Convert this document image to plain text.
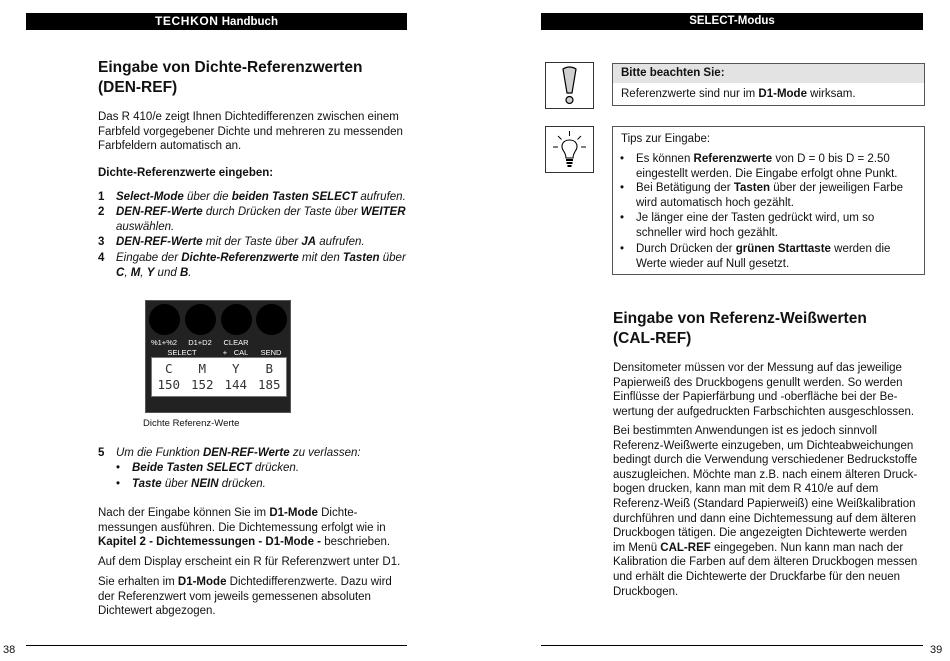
TECHKON Handbuch
Eingabe von Dichte-Referenzwerten
(DEN-REF)
Das R 410/e zeigt Ihnen Dichtedifferenzen zwischen einem
Farbfeld vorgegebener Dichte und mehreren zu messenden
Farbfeldern automatisch an.
Dichte-Referenzwerte eingeben:
1 Select-Mode über die beiden Tasten SELECT aufrufen.
2 DEN-REF-Werte durch Drücken der Taste über WEITER
auswählen.
3 DEN-REF-Werte mit der Taste über JA aufrufen.
4 Eingabe der Dichte-Referenzwerte mit den Tasten über
C, M, Y und B.
%1+%2	D1+D2	CLEAR
SELECT	+ CAL	SEND
C M Y B
150 152 144 185
Dichte Referenz-Werte
5 Um die Funktion DEN-REF-Werte zu verlassen:
• Beide Tasten SELECT drücken.
• Taste über NEIN drücken.
Nach der Eingabe können Sie im D1-Mode Dichte-
messungen ausführen. Die Dichtemessung erfolgt wie in
Kapitel 2 - Dichtemessungen - D1-Mode - beschrieben.
Auf dem Display erscheint ein R für Referenzwert unter D1.
Sie erhalten im D1-Mode Dichtedifferenzwerte. Dazu wird
der Referenzwert vom jeweils gemessenen absoluten
Dichtewert abgezogen.
38
SELECT-Modus
Bitte beachten Sie:
Referenzwerte sind nur im D1-Mode wirksam.
Tips zur Eingabe:
• Es können Referenzwerte von D = 0 bis D = 2.50
eingestellt werden. Die Eingabe erfolgt ohne Punkt.
• Bei Betätigung der Tasten über der jeweiligen Farbe
wird automatisch hoch gezählt.
• Je länger eine der Tasten gedrückt wird, um so
schneller wird hoch gezählt.
• Durch Drücken der grünen Starttaste werden die
Werte wieder auf Null gesetzt.
Eingabe von Referenz-Weißwerten
(CAL-REF)
Densitometer müssen vor der Messung auf das jeweilige
Papierweiß des Druckbogens genullt werden. So werden
Einflüsse der Papierfärbung und -oberfläche bei der Be-
wertung der aufgedruckten Farbschichten ausgeschlossen.
Bei bestimmten Anwendungen ist es jedoch sinnvoll
Referenz-Weißwerte einzugeben, um Dichteabweichungen
bedingt durch die Verwendung verschiedener Bedruckstoffe
auszugleichen. Möchte man z.B. nach einem älteren Druck-
bogen drucken, kann man mit dem R 410/e auf dem
Referenz-Weiß (Standard Papierweiß) eine Weißkalibration
durchführen und dann eine Dichtemessung auf dem älteren
Druckbogen tätigen. Die angezeigten Dichtewerte werden
im Menü CAL-REF eingegeben. Nun kann man nach der
Kalibration die Farben auf dem älteren Druckbogen messen
und erhält die Dichtewerte der Druckfarbe für den neuen
Druckbogen.
39
